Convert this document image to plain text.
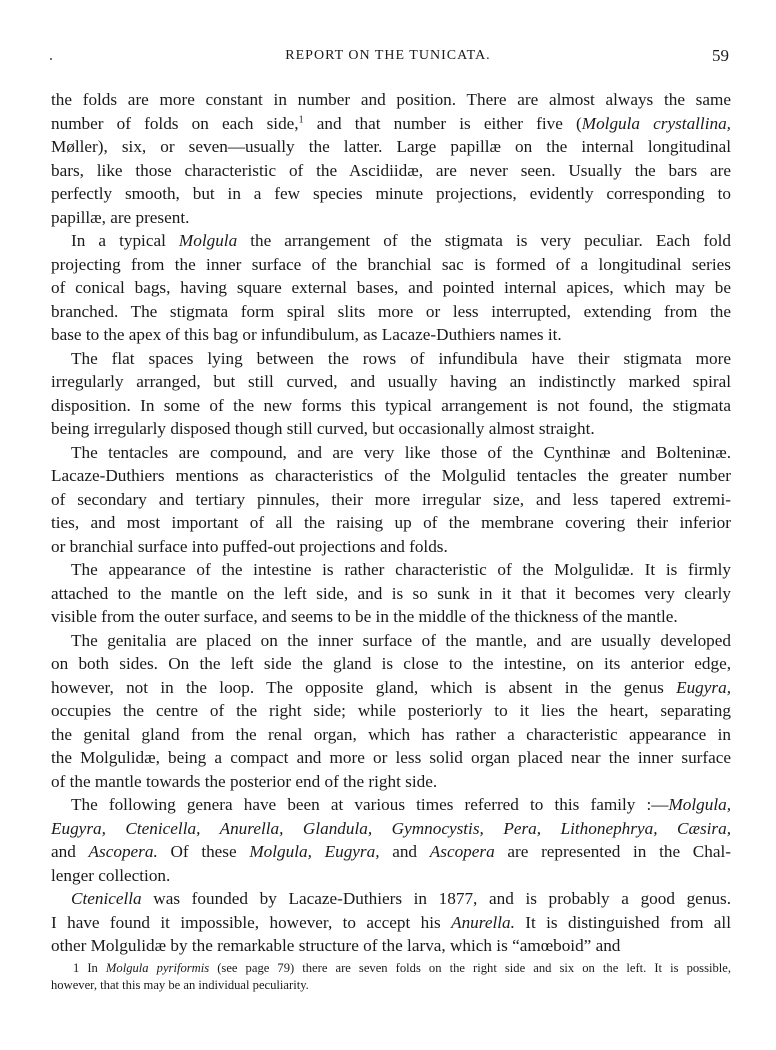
REPORT ON THE TUNICATA.	59
the folds are more constant in number and position. There are almost always the same
number of folds on each side,$^1$ and that number is either five (Molgula crystallina,
Møller), six, or seven—usually the latter. Large papillæ on the internal longitudinal
bars, like those characteristic of the Ascidiidæ, are never seen. Usually the bars are
perfectly smooth, but in a few species minute projections, evidently corresponding to
papillæ, are present.
In a typical Molgula the arrangement of the stigmata is very peculiar. Each fold
projecting from the inner surface of the branchial sac is formed of a longitudinal series
of conical bags, having square external bases, and pointed internal apices, which may be
branched. The stigmata form spiral slits more or less interrupted, extending from the
base to the apex of this bag or infundibulum, as Lacaze-Duthiers names it.
The flat spaces lying between the rows of infundibula have their stigmata more
irregularly arranged, but still curved, and usually having an indistinctly marked spiral
disposition. In some of the new forms this typical arrangement is not found, the stigmata
being irregularly disposed though still curved, but occasionally almost straight.
The tentacles are compound, and are very like those of the Cynthinæ and Bolteninæ.
Lacaze-Duthiers mentions as characteristics of the Molgulid tentacles the greater number
of secondary and tertiary pinnules, their more irregular size, and less tapered extremi-
ties, and most important of all the raising up of the membrane covering their inferior
or branchial surface into puffed-out projections and folds.
The appearance of the intestine is rather characteristic of the Molgulidæ. It is firmly
attached to the mantle on the left side, and is so sunk in it that it becomes very clearly
visible from the outer surface, and seems to be in the middle of the thickness of the mantle.
The genitalia are placed on the inner surface of the mantle, and are usually developed
on both sides. On the left side the gland is close to the intestine, on its anterior edge,
however, not in the loop. The opposite gland, which is absent in the genus Eugyra,
occupies the centre of the right side; while posteriorly to it lies the heart, separating
the genital gland from the renal organ, which has rather a characteristic appearance in
the Molgulidæ, being a compact and more or less solid organ placed near the inner surface
of the mantle towards the posterior end of the right side.
The following genera have been at various times referred to this family :—Molgula,
Eugyra, Ctenicella, Anurella, Glandula, Gymnocystis, Pera, Lithonephrya, Cæsira,
and Ascopera. Of these Molgula, Eugyra, and Ascopera are represented in the Chal-
lenger collection.
Ctenicella was founded by Lacaze-Duthiers in 1877, and is probably a good genus.
I have found it impossible, however, to accept his Anurella. It is distinguished from all
other Molgulidæ by the remarkable structure of the larva, which is “amœboid” and
1 In Molgula pyriformis (see page 79) there are seven folds on the right side and six on the left. It is possible,
however, that this may be an individual peculiarity.
